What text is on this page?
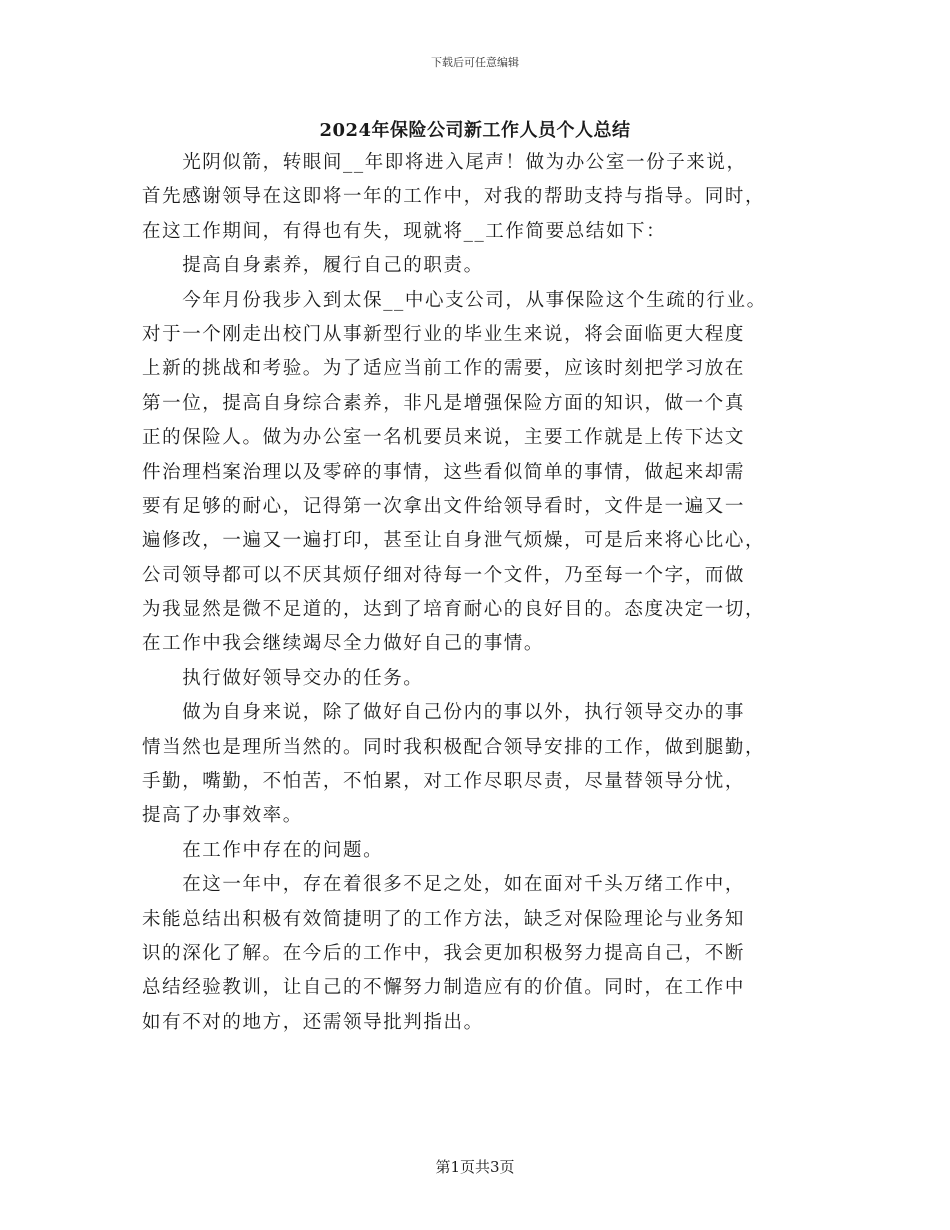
下载后可任意编辑
2024年保险公司新工作人员个人总结
　　光阴似箭，转眼间__年即将进入尾声！做为办公室一份子来说，
首先感谢领导在这即将一年的工作中，对我的帮助支持与指导。同时，
在这工作期间，有得也有失，现就将__工作简要总结如下：
　　提高自身素养，履行自己的职责。
　　今年月份我步入到太保__中心支公司，从事保险这个生疏的行业。
对于一个刚走出校门从事新型行业的毕业生来说，将会面临更大程度
上新的挑战和考验。为了适应当前工作的需要，应该时刻把学习放在
第一位，提高自身综合素养，非凡是增强保险方面的知识，做一个真
正的保险人。做为办公室一名机要员来说，主要工作就是上传下达文
件治理档案治理以及零碎的事情，这些看似简单的事情，做起来却需
要有足够的耐心，记得第一次拿出文件给领导看时，文件是一遍又一
遍修改，一遍又一遍打印，甚至让自身泄气烦燥，可是后来将心比心，
公司领导都可以不厌其烦仔细对待每一个文件，乃至每一个字，而做
为我显然是微不足道的，达到了培育耐心的良好目的。态度决定一切，
在工作中我会继续竭尽全力做好自己的事情。
　　执行做好领导交办的任务。
　　做为自身来说，除了做好自己份内的事以外，执行领导交办的事
情当然也是理所当然的。同时我积极配合领导安排的工作，做到腿勤，
手勤，嘴勤，不怕苦，不怕累，对工作尽职尽责，尽量替领导分忧，
提高了办事效率。
　　在工作中存在的问题。
　　在这一年中，存在着很多不足之处，如在面对千头万绪工作中，
未能总结出积极有效简捷明了的工作方法，缺乏对保险理论与业务知
识的深化了解。在今后的工作中，我会更加积极努力提高自己，不断
总结经验教训，让自己的不懈努力制造应有的价值。同时，在工作中
如有不对的地方，还需领导批判指出。
第1页共3页
